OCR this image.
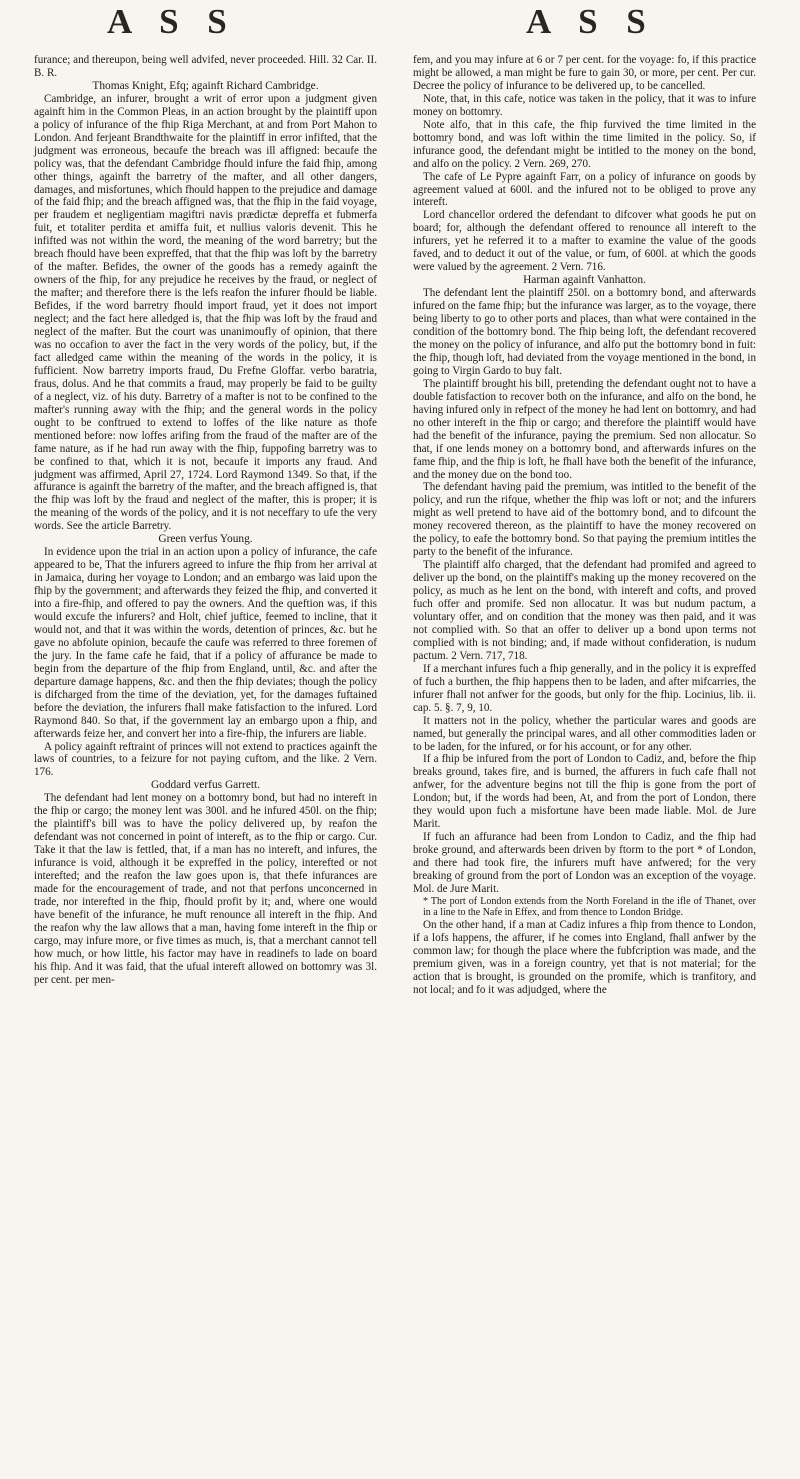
A S S	A S S

furance; and thereupon, being well advifed, never proceeded. Hill. 32 Car. II. B. R.

Thomas Knight, Efq; againft Richard Cambridge.

Cambridge, an infurer, brought a writ of error upon a judgment given againft him in the Common Pleas, in an action brought by the plaintiff upon a policy of infurance of the fhip Riga Merchant, at and from Port Mahon to London. And ferjeant Brandthwaite for the plaintiff in error infifted, that the judgment was erroneous, becaufe the breach was ill affigned: becaufe the policy was, that the defendant Cambridge fhould infure the faid fhip, among other things, againft the barretry of the mafter, and all other dangers, damages, and misfortunes, which fhould happen to the prejudice and damage of the faid fhip; and the breach affigned was, that the fhip in the faid voyage, per fraudem et negligentiam magiftri navis prædictæ depreffa et fubmerfa fuit, et totaliter perdita et amiffa fuit, et nullius valoris devenit. This he infifted was not within the word, the meaning of the word barretry; but the breach fhould have been expreffed, that that the fhip was loft by the barretry of the mafter. Befides, the owner of the goods has a remedy againft the owners of the fhip, for any prejudice he receives by the fraud, or neglect of the mafter; and therefore there is the lefs reafon the infurer fhould be liable. Befides, if the word barretry fhould import fraud, yet it does not import neglect; and the fact here alledged is, that the fhip was loft by the fraud and neglect of the mafter. But the court was unanimoufly of opinion, that there was no occafion to aver the fact in the very words of the policy, but, if the fact alledged came within the meaning of the words in the policy, it is fufficient. Now barretry imports fraud, Du Frefne Gloffar. verbo baratria, fraus, dolus. And he that commits a fraud, may properly be faid to be guilty of a neglect, viz. of his duty. Barretry of a mafter is not to be confined to the mafter's running away with the fhip; and the general words in the policy ought to be conftrued to extend to loffes of the like nature as thofe mentioned before: now loffes arifing from the fraud of the mafter are of the fame nature, as if he had run away with the fhip, fuppofing barretry was to be confined to that, which it is not, becaufe it imports any fraud. And judgment was affirmed, April 27, 1724. Lord Raymond 1349. So that, if the affurance is againft the barretry of the mafter, and the breach affigned is, that the fhip was loft by the fraud and neglect of the mafter, this is proper; it is the meaning of the words of the policy, and it is not neceffary to ufe the very words. See the article Barretry.

Green verfus Young.

In evidence upon the trial in an action upon a policy of infurance, the cafe appeared to be, That the infurers agreed to infure the fhip from her arrival at in Jamaica, during her voyage to London; and an embargo was laid upon the fhip by the government; and afterwards they feized the fhip, and converted it into a fire-fhip, and offered to pay the owners. And the queftion was, if this would excufe the infurers? and Holt, chief juftice, feemed to incline, that it would not, and that it was within the words, detention of princes, &c. but he gave no abfolute opinion, becaufe the caufe was referred to three foremen of the jury. In the fame cafe he faid, that if a policy of affurance be made to begin from the departure of the fhip from England, until, &c. and after the departure damage happens, &c. and then the fhip deviates; though the policy is difcharged from the time of the deviation, yet, for the damages fuftained before the deviation, the infurers fhall make fatisfaction to the infured. Lord Raymond 840. So that, if the government lay an embargo upon a fhip, and afterwards feize her, and convert her into a fire-fhip, the infurers are liable.

A policy againft reftraint of princes will not extend to practices againft the laws of countries, to a feizure for not paying cuftom, and the like. 2 Vern. 176.

Goddard verfus Garrett.

The defendant had lent money on a bottomry bond, but had no intereft in the fhip or cargo; the money lent was 300l. and he infured 450l. on the fhip; the plaintiff's bill was to have the policy delivered up, by reafon the defendant was not concerned in point of intereft, as to the fhip or cargo. Cur. Take it that the law is fettled, that, if a man has no intereft, and infures, the infurance is void, although it be expreffed in the policy, interefted or not interefted; and the reafon the law goes upon is, that thefe infurances are made for the encouragement of trade, and not that perfons unconcerned in trade, nor interefted in the fhip, fhould profit by it; and, where one would have benefit of the infurance, he muft renounce all intereft in the fhip. And the reafon why the law allows that a man, having fome intereft in the fhip or cargo, may infure more, or five times as much, is, that a merchant cannot tell how much, or how little, his factor may have in readinefs to lade on board his fhip. And it was faid, that the ufual intereft allowed on bottomry was 3l. per cent. per men-

fem, and you may infure at 6 or 7 per cent. for the voyage: fo, if this practice might be allowed, a man might be fure to gain 30, or more, per cent. Per cur. Decree the policy of infurance to be delivered up, to be cancelled.

Note, that, in this cafe, notice was taken in the policy, that it was to infure money on bottomry.

Note alfo, that in this cafe, the fhip furvived the time limited in the bottomry bond, and was loft within the time limited in the policy. So, if infurance good, the defendant might be intitled to the money on the bond, and alfo on the policy. 2 Vern. 269, 270.

The cafe of Le Pypre againft Farr, on a policy of infurance on goods by agreement valued at 600l. and the infured not to be obliged to prove any intereft.

Lord chancellor ordered the defendant to difcover what goods he put on board; for, although the defendant offered to renounce all intereft to the infurers, yet he referred it to a mafter to examine the value of the goods faved, and to deduct it out of the value, or fum, of 600l. at which the goods were valued by the agreement. 2 Vern. 716.

Harman againft Vanhatton.

The defendant lent the plaintiff 250l. on a bottomry bond, and afterwards infured on the fame fhip; but the infurance was larger, as to the voyage, there being liberty to go to other ports and places, than what were contained in the condition of the bottomry bond. The fhip being loft, the defendant recovered the money on the policy of infurance, and alfo put the bottomry bond in fuit: the fhip, though loft, had deviated from the voyage mentioned in the bond, in going to Virgin Gardo to buy falt.

The plaintiff brought his bill, pretending the defendant ought not to have a double fatisfaction to recover both on the infurance, and alfo on the bond, he having infured only in refpect of the money he had lent on bottomry, and had no other intereft in the fhip or cargo; and therefore the plaintiff would have had the benefit of the infurance, paying the premium. Sed non allocatur. So that, if one lends money on a bottomry bond, and afterwards infures on the fame fhip, and the fhip is loft, he fhall have both the benefit of the infurance, and the money due on the bond too.

The defendant having paid the premium, was intitled to the benefit of the policy, and run the rifque, whether the fhip was loft or not; and the infurers might as well pretend to have aid of the bottomry bond, and to difcount the money recovered thereon, as the plaintiff to have the money recovered on the policy, to eafe the bottomry bond. So that paying the premium intitles the party to the benefit of the infurance.

The plaintiff alfo charged, that the defendant had promifed and agreed to deliver up the bond, on the plaintiff's making up the money recovered on the policy, as much as he lent on the bond, with intereft and cofts, and proved fuch offer and promife. Sed non allocatur. It was but nudum pactum, a voluntary offer, and on condition that the money was then paid, and it was not complied with. So that an offer to deliver up a bond upon terms not complied with is not binding; and, if made without confideration, is nudum pactum. 2 Vern. 717, 718.

If a merchant infures fuch a fhip generally, and in the policy it is expreffed of fuch a burthen, the fhip happens then to be laden, and after mifcarries, the infurer fhall not anfwer for the goods, but only for the fhip. Locinius, lib. ii. cap. 5. §. 7, 9, 10.

It matters not in the policy, whether the particular wares and goods are named, but generally the principal wares, and all other commodities laden or to be laden, for the infured, or for his account, or for any other.

If a fhip be infured from the port of London to Cadiz, and, before the fhip breaks ground, takes fire, and is burned, the affurers in fuch cafe fhall not anfwer, for the adventure begins not till the fhip is gone from the port of London; but, if the words had been, At, and from the port of London, there they would upon fuch a misfortune have been made liable. Mol. de Jure Marit.

If fuch an affurance had been from London to Cadiz, and the fhip had broke ground, and afterwards been driven by ftorm to the port * of London, and there had took fire, the infurers muft have anfwered; for the very breaking of ground from the port of London was an exception of the voyage. Mol. de Jure Marit.

* The port of London extends from the North Foreland in the ifle of Thanet, over in a line to the Nafe in Effex, and from thence to London Bridge.

On the other hand, if a man at Cadiz infures a fhip from thence to London, if a lofs happens, the affurer, if he comes into England, fhall anfwer by the common law; for though the place where the fubfcription was made, and the premium given, was in a foreign country, yet that is not material; for the action that is brought, is grounded on the promife, which is tranfitory, and not local; and fo it was adjudged, where the
